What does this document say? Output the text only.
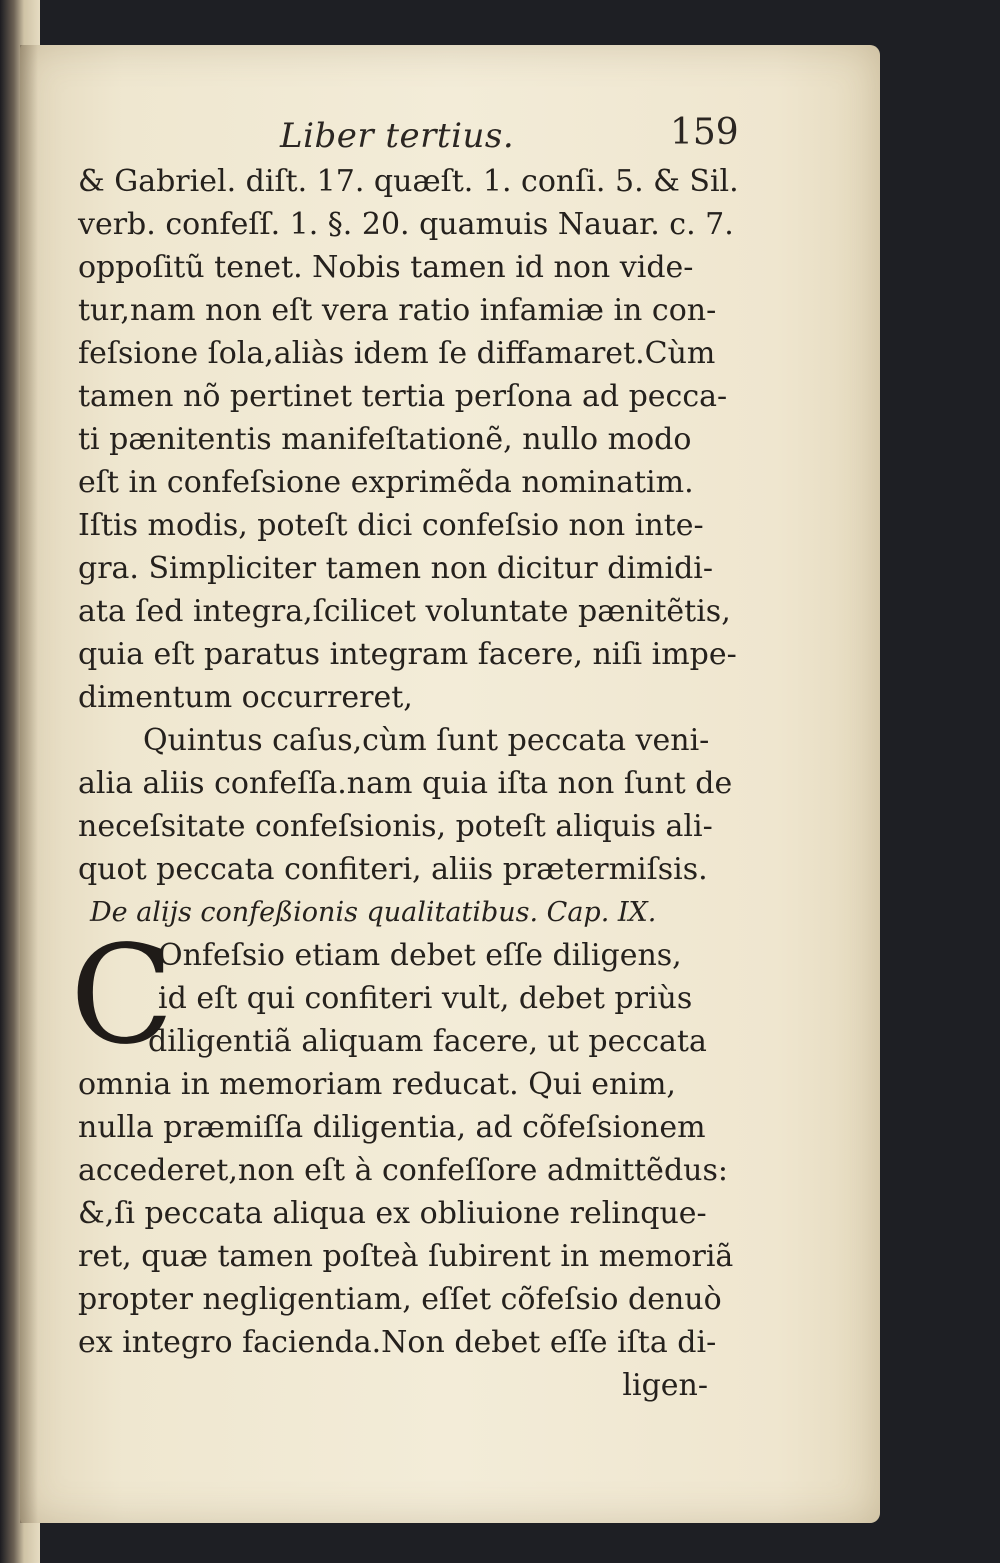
Liber tertius.	159
& Gabriel. diſt. 17. quæſt. 1. conſi. 5. & Sil.
verb. confeſſ. 1. §. 20. quamuis Nauar. c. 7.
oppoſitũ tenet. Nobis tamen id non vide-
tur,nam non eſt vera ratio infamiæ in con-
feſsione ſola,aliàs idem ſe diffamaret.Cùm
tamen nõ pertinet tertia perſona ad pecca-
ti pænitentis manifeſtationẽ, nullo modo
eſt in confeſsione exprimẽda nominatim.
Iſtis modis, poteſt dici confeſsio non inte-
gra. Simpliciter tamen non dicitur dimidi-
ata ſed integra,ſcilicet voluntate pænitẽtis,
quia eſt paratus integram facere, niſi impe-
dimentum occurreret,
Quintus caſus,cùm ſunt peccata veni-
alia aliis confeſſa.nam quia iſta non ſunt de
neceſsitate confeſsionis, poteſt aliquis ali-
quot peccata confiteri, aliis prætermiſsis.
De alijs confeßionis qualitatibus. Cap. IX.
C
Onfeſsio etiam debet eſſe diligens,
id eſt qui confiteri vult, debet priùs
diligentiã aliquam facere, ut peccata
omnia in memoriam reducat. Qui enim,
nulla præmiſſa diligentia, ad cõfeſsionem
accederet,non eſt à confeſſore admittẽdus:
&,ſi peccata aliqua ex obliuione relinque-
ret, quæ tamen poſteà ſubirent in memoriã
propter negligentiam, eſſet cõfeſsio denuò
ex integro facienda.Non debet eſſe iſta di-
ligen-
